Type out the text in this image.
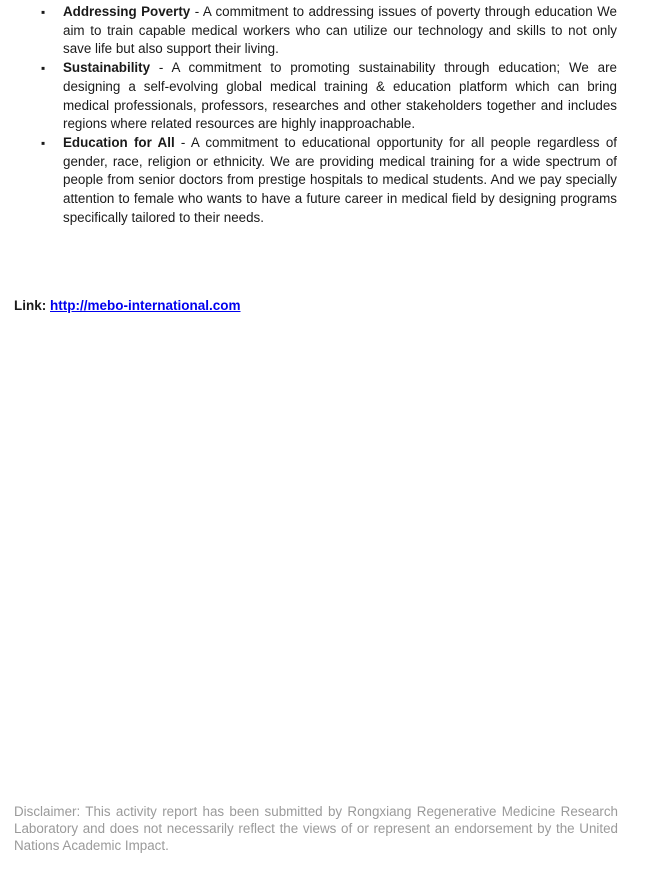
▪ Addressing Poverty - A commitment to addressing issues of poverty through education We aim to train capable medical workers who can utilize our technology and skills to not only save life but also support their living.
▪ Sustainability - A commitment to promoting sustainability through education; We are designing a self-evolving global medical training & education platform which can bring medical professionals, professors, researches and other stakeholders together and includes regions where related resources are highly inapproachable.
▪ Education for All - A commitment to educational opportunity for all people regardless of gender, race, religion or ethnicity. We are providing medical training for a wide spectrum of people from senior doctors from prestige hospitals to medical students. And we pay specially attention to female who wants to have a future career in medical field by designing programs specifically tailored to their needs.
Link: http://mebo-international.com

Disclaimer: This activity report has been submitted by Rongxiang Regenerative Medicine Research Laboratory and does not necessarily reflect the views of or represent an endorsement by the United Nations Academic Impact.
